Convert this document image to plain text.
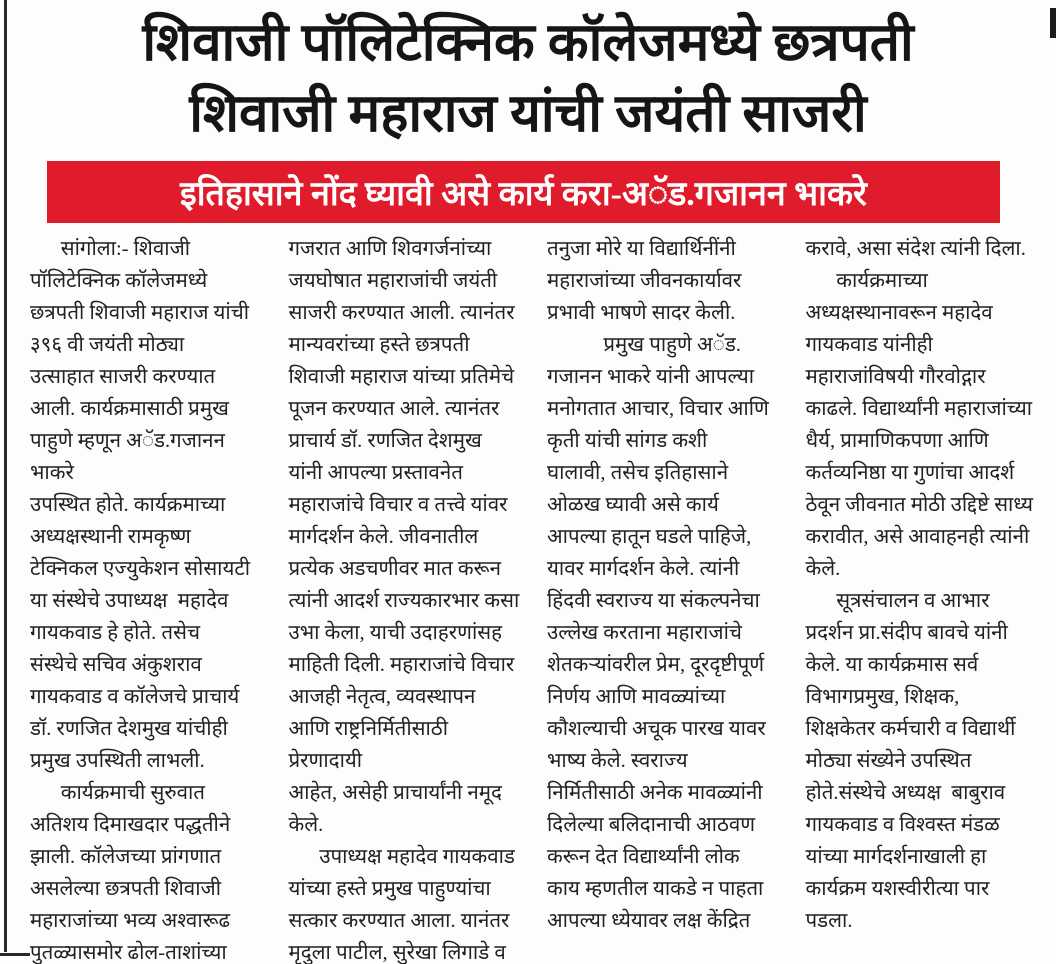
शिवाजी पॉलिटेक्निक कॉलेजमध्ये छत्रपती
शिवाजी महाराज यांची जयंती साजरी
इतिहासाने नोंद घ्यावी असे कार्य करा-अॅड.गजानन भाकरे
सांगोला:- शिवाजी
पॉलिटेक्निक कॉलेजमध्ये
छत्रपती शिवाजी महाराज यांची
३९६ वी जयंती मोठ्या
उत्साहात साजरी करण्यात
आली. कार्यक्रमासाठी प्रमुख
पाहुणे म्हणून अॅड.गजानन भाकरे
उपस्थित होते. कार्यक्रमाच्या
अध्यक्षस्थानी रामकृष्ण
टेक्निकल एज्युकेशन सोसायटी
या संस्थेचे उपाध्यक्ष  महादेव
गायकवाड हे होते. तसेच
संस्थेचे सचिव अंकुशराव
गायकवाड व कॉलेजचे प्राचार्य
डॉ. रणजित देशमुख यांचीही
प्रमुख उपस्थिती लाभली.
कार्यक्रमाची सुरुवात
अतिशय दिमाखदार पद्धतीने
झाली. कॉलेजच्या प्रांगणात
असलेल्या छत्रपती शिवाजी
महाराजांच्या भव्य अश्वारूढ
पुतळ्यासमोर ढोल-ताशांच्या
गजरात आणि शिवगर्जनांच्या
जयघोषात महाराजांची जयंती
साजरी करण्यात आली. त्यानंतर
मान्यवरांच्या हस्ते छत्रपती
शिवाजी महाराज यांच्या प्रतिमेचे
पूजन करण्यात आले. त्यानंतर
प्राचार्य डॉ. रणजित देशमुख
यांनी आपल्या प्रस्तावनेत
महाराजांचे विचार व तत्त्वे यांवर
मार्गदर्शन केले. जीवनातील
प्रत्येक अडचणीवर मात करून
त्यांनी आदर्श राज्यकारभार कसा
उभा केला, याची उदाहरणांसह
माहिती दिली. महाराजांचे विचार
आजही नेतृत्व, व्यवस्थापन
आणि राष्ट्रनिर्मितीसाठी प्रेरणादायी
आहेत, असेही प्राचार्यांनी नमूद
केले.
उपाध्यक्ष महादेव गायकवाड
यांच्या हस्ते प्रमुख पाहुण्यांचा
सत्कार करण्यात आला. यानंतर
मृदुला पाटील, सुरेखा लिगाडे व
तनुजा मोरे या विद्यार्थिनींनी
महाराजांच्या जीवनकार्यावर
प्रभावी भाषणे सादर केली.
प्रमुख पाहुणे अॅड.
गजानन भाकरे यांनी आपल्या
मनोगतात आचार, विचार आणि
कृती यांची सांगड कशी
घालावी, तसेच इतिहासाने
ओळख घ्यावी असे कार्य
आपल्या हातून घडले पाहिजे,
यावर मार्गदर्शन केले. त्यांनी
हिंदवी स्वराज्य या संकल्पनेचा
उल्लेख करताना महाराजांचे
शेतकऱ्यांवरील प्रेम, दूरदृष्टीपूर्ण
निर्णय आणि मावळ्यांच्या
कौशल्याची अचूक पारख यावर
भाष्य केले. स्वराज्य
निर्मितीसाठी अनेक मावळ्यांनी
दिलेल्या बलिदानाची आठवण
करून देत विद्यार्थ्यांनी लोक
काय म्हणतील याकडे न पाहता
आपल्या ध्येयावर लक्ष केंद्रित
करावे, असा संदेश त्यांनी दिला.
कार्यक्रमाच्या
अध्यक्षस्थानावरून महादेव
गायकवाड यांनीही
महाराजांविषयी गौरवोद्गार
काढले. विद्यार्थ्यांनी महाराजांच्या
धैर्य, प्रामाणिकपणा आणि
कर्तव्यनिष्ठा या गुणांचा आदर्श
ठेवून जीवनात मोठी उद्दिष्टे साध्य
करावीत, असे आवाहनही त्यांनी
केले.
सूत्रसंचालन व आभार
प्रदर्शन प्रा.संदीप बावचे यांनी
केले. या कार्यक्रमास सर्व
विभागप्रमुख, शिक्षक,
शिक्षकेतर कर्मचारी व विद्यार्थी
मोठ्या संख्येने उपस्थित
होते.संस्थेचे अध्यक्ष  बाबुराव
गायकवाड व विश्वस्त मंडळ
यांच्या मार्गदर्शनाखाली हा
कार्यक्रम यशस्वीरीत्या पार
पडला.
